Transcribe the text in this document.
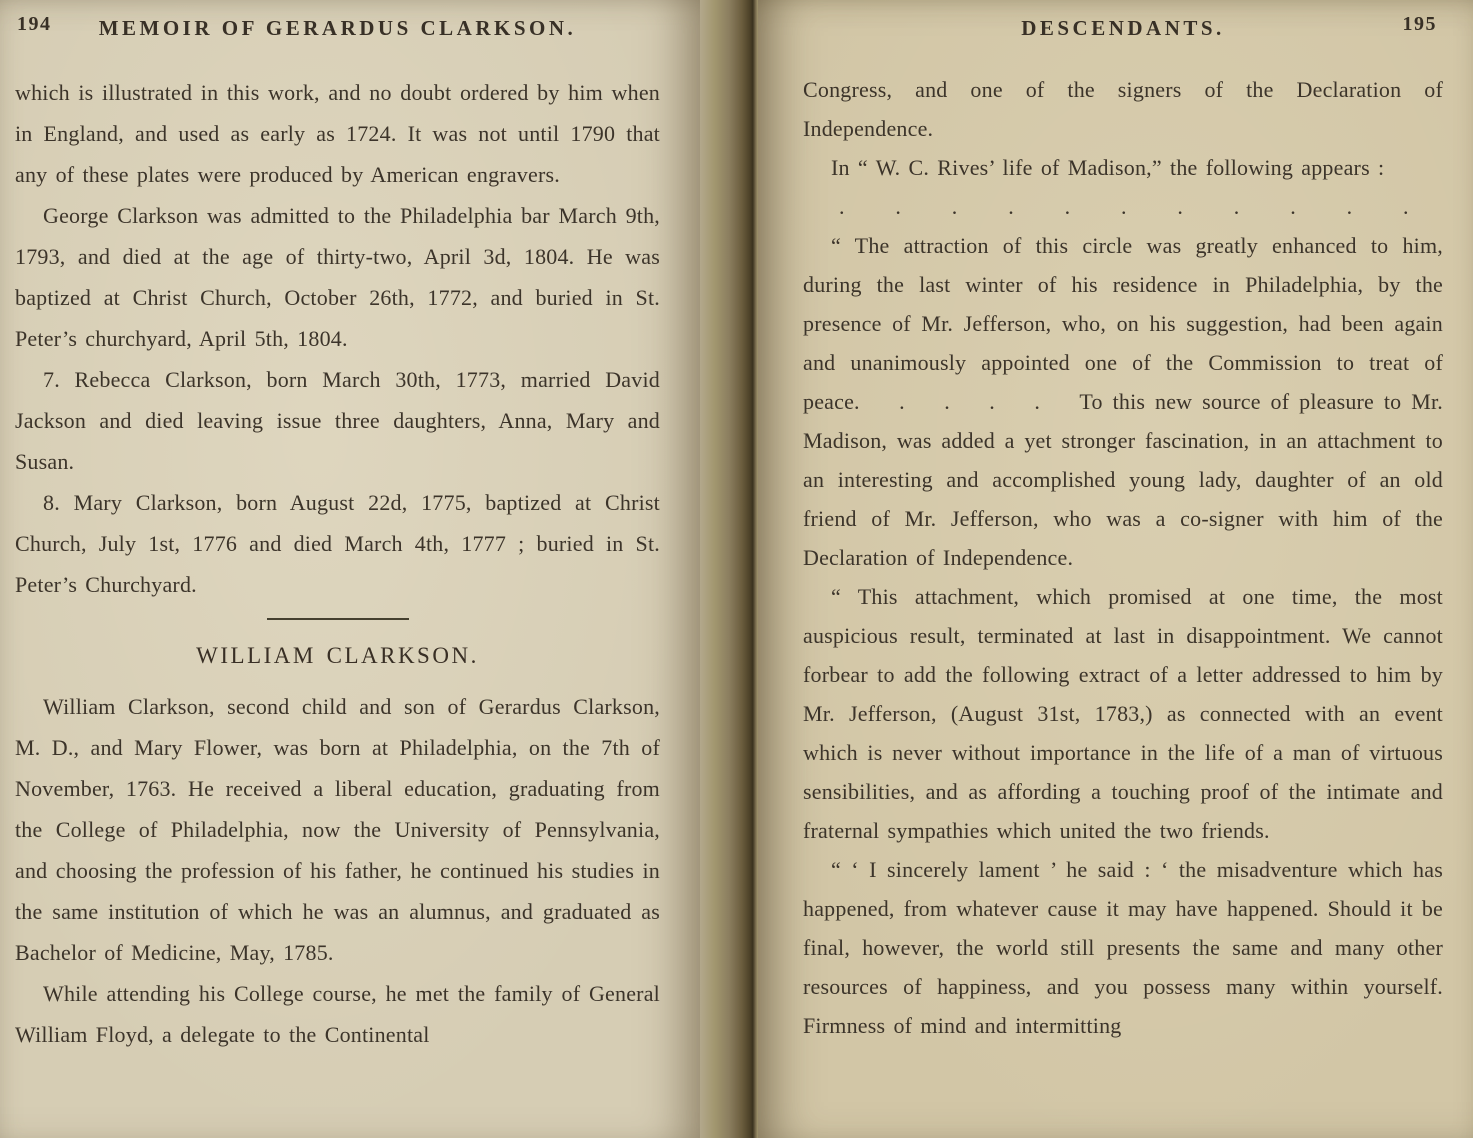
194	MEMOIR OF GERARDUS CLARKSON.

which is illustrated in this work, and no doubt ordered by him when in England, and used as early as 1724. It was not until 1790 that any of these plates were produced by American engravers.

George Clarkson was admitted to the Philadelphia bar March 9th, 1793, and died at the age of thirty-two, April 3d, 1804. He was baptized at Christ Church, October 26th, 1772, and buried in St. Peter’s churchyard, April 5th, 1804.

7. Rebecca Clarkson, born March 30th, 1773, married David Jackson and died leaving issue three daughters, Anna, Mary and Susan.

8. Mary Clarkson, born August 22d, 1775, baptized at Christ Church, July 1st, 1776 and died March 4th, 1777 ; buried in St. Peter’s Churchyard.

WILLIAM CLARKSON.

William Clarkson, second child and son of Gerardus Clarkson, M. D., and Mary Flower, was born at Philadelphia, on the 7th of November, 1763. He received a liberal education, graduating from the College of Philadelphia, now the University of Pennsylvania, and choosing the profession of his father, he continued his studies in the same institution of which he was an alumnus, and graduated as Bachelor of Medicine, May, 1785.

While attending his College course, he met the family of General William Floyd, a delegate to the Continental

DESCENDANTS.	195

Congress, and one of the signers of the Declaration of Independence.

In “ W. C. Rives’ life of Madison,” the following appears :

. . . . . . . . . . .

“ The attraction of this circle was greatly enhanced to him, during the last winter of his residence in Philadelphia, by the presence of Mr. Jefferson, who, on his suggestion, had been again and unanimously appointed one of the Commission to treat of peace.    .    .    .    .    To this new source of pleasure to Mr. Madison, was added a yet stronger fascination, in an attachment to an interesting and accomplished young lady, daughter of an old friend of Mr. Jefferson, who was a co-signer with him of the Declaration of Independence.

“ This attachment, which promised at one time, the most auspicious result, terminated at last in disappointment. We cannot forbear to add the following extract of a letter addressed to him by Mr. Jefferson, (August 31st, 1783,) as connected with an event which is never without importance in the life of a man of virtuous sensibilities, and as affording a touching proof of the intimate and fraternal sympathies which united the two friends.

“ ‘ I sincerely lament ’ he said : ‘ the misadventure which has happened, from whatever cause it may have happened. Should it be final, however, the world still presents the same and many other resources of happiness, and you possess many within yourself. Firmness of mind and intermitting
